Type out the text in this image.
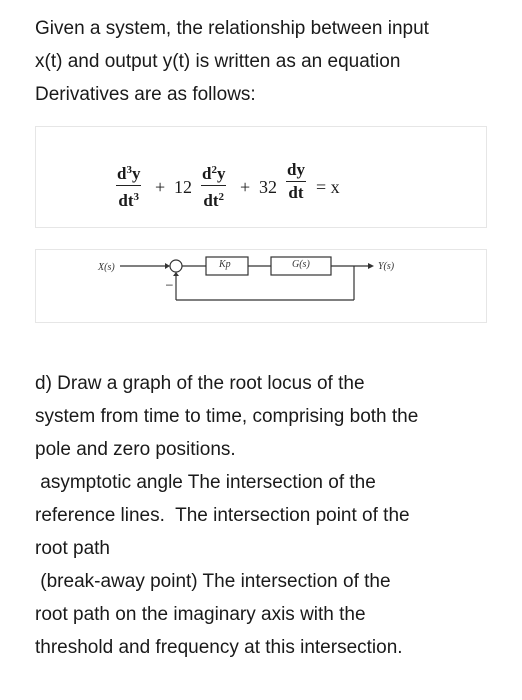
Given a system, the relationship between input
x(t) and output y(t) is written as an equation
Derivatives are as follows:
$\frac{d^3y}{dt^3} + 12 \frac{d^2y}{dt^2} + 32 \frac{dy}{dt} = x$
X(s)	Kp	G(s)	Y(s)
–
d) Draw a graph of the root locus of the
system from time to time, comprising both the
pole and zero positions.
asymptotic angle The intersection of the
reference lines.  The intersection point of the
root path
(break-away point) The intersection of the
root path on the imaginary axis with the
threshold and frequency at this intersection.
